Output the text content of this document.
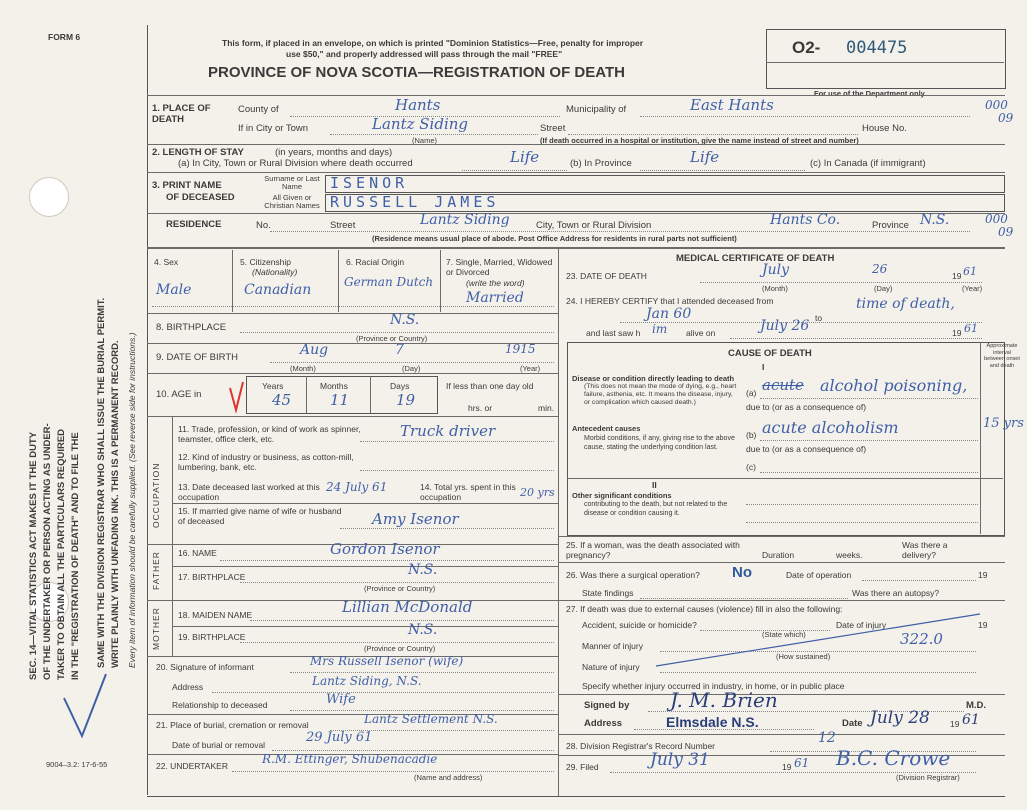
FORM 6
9004–3.2: 17-6-55
SEC. 14—VITAL STATISTICS ACT MAKES IT THE DUTY OF THE UNDERTAKER OR PERSON ACTING AS UNDER- TAKER TO OBTAIN ALL THE PARTICULARS REQUIRED IN THE "REGISTRATION OF DEATH" AND TO FILE THE SAME WITH THE DIVISION REGISTRAR WHO SHALL ISSUE THE BURIAL PERMIT. WRITE PLAINLY WITH UNFADING INK. THIS IS A PERMANENT RECORD. Every item of information should be carefully supplied. (See reverse side for instructions.)
This form, if placed in an envelope, on which is printed "Dominion Statistics—Free, penalty for improper
use $50," and properly addressed will pass through the mail "FREE"
PROVINCE OF NOVA SCOTIA—REGISTRATION OF DEATH
O2- 004475
For use of the Department only
000
09
000
09
1. PLACE OF DEATH
County of	Hants	Municipality of	East Hants
If in City or Town	Lantz Siding
(Name)
Street	House No.
(If death occurred in a hospital or institution, give the name instead of street and number)
2. LENGTH OF STAY	(in years, months and days)
(a) In City, Town or Rural Division where death occurred	Life	(b) In Province	Life	(c) In Canada (if immigrant)
3. PRINT NAME
OF DECEASED
Surname or Last Name
All Given or Christian Names
ISENOR
RUSSELL JAMES
RESIDENCE	No.	Street	Lantz Siding	City, Town or Rural Division	Hants Co.	Province N.S.
(Residence means usual place of abode. Post Office Address for residents in rural parts not sufficient)
4. Sex
Male
5. Citizenship
(Nationality)
Canadian
6. Racial Origin
German Dutch
7. Single, Married, Widowed or Divorced
(write the word)
Married
8. BIRTHPLACE	N.S.
(Province or Country)
9. DATE OF BIRTH	Aug	7	1915
(Month)	(Day)	(Year)
10. AGE in
Years	Months	Days
45	11	19
If less than one day old
hrs. or	min.
OCCUPATION
11. Trade, profession, or kind of work as spinner, teamster, office clerk, etc.	Truck driver
12. Kind of industry or business, as cotton-mill, lumbering, bank, etc.
13. Date deceased last worked at this occupation
24 July 61	14. Total yrs. spent in this occupation	20 yrs
15. If married give name of wife or husband of deceased	Amy Isenor
FATHER 16. NAME	Gordon Isenor
17. BIRTHPLACE	N.S.
(Province or Country)
MOTHER 18. MAIDEN NAME	Lillian McDonald
19. BIRTHPLACE	N.S.
(Province or Country)
20. Signature of informant	Mrs Russell Isenor (wife)
Address	Lantz Siding, N.S.
Relationship to deceased	Wife
21. Place of burial, cremation or removal	Lantz Settlement N.S.
Date of burial or removal	29 July 61
22. UNDERTAKER	R.M. Ettinger, Shubenacadie
(Name and address)
MEDICAL CERTIFICATE OF DEATH
23. DATE OF DEATH	July	26	19 61
(Month)	(Day)	(Year)
24. I HEREBY CERTIFY that I attended deceased from
Jan 60	to
time of death,
and last saw h im alive on	July 26	19 61
CAUSE OF DEATH
Approximate interval between onset and death
I
Disease or condition directly leading to death
(This does not mean the mode of dying, e.g., heart failure, asthenia, etc. It means the disease, injury, or complication which caused death.)
(a) acute alcohol poisoning,
due to (or as a consequence of)
Antecedent causes
Morbid conditions, if any, giving rise to the above cause, stating the underlying condition last.
(b) acute alcoholism	15 yrs
due to (or as a consequence of)
(c)
II
Other significant conditions
contributing to the death, but not related to the disease or condition causing it.
25. If a woman, was the death associated with pregnancy?	Duration	weeks.
Was there a delivery?
26. Was there a surgical operation? No	Date of operation	19
State findings	Was there an autopsy?
27. If death was due to external causes (violence) fill in also the following:
Accident, suicide or homicide?
(State which)
Date of injury	19
Manner of injury	322.0
(How sustained)
Nature of injury
Specify whether injury occurred in industry, in home, or in public place
Signed by J. M. Brien	M.D.
Address	Elmsdale N.S.	Date July 28 19 61
28. Division Registrar's Record Number	12
29. Filed	July 31	19 61 B.C. Crowe
(Division Registrar)
